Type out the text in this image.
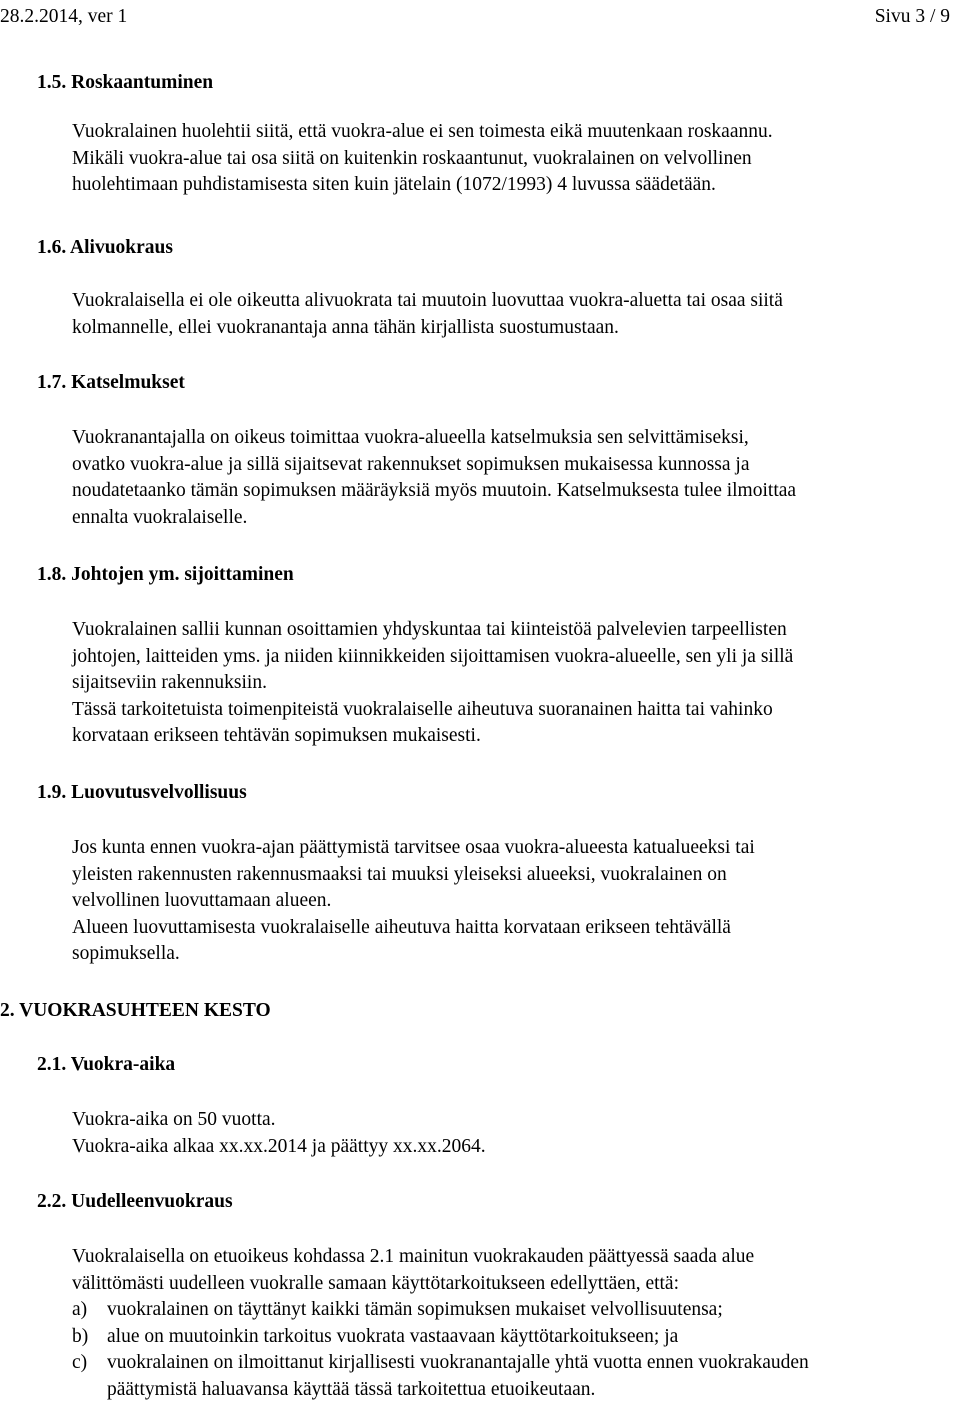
28.2.2014, ver 1	Sivu 3 / 9
1.5. Roskaantuminen
Vuokralainen huolehtii siitä, että vuokra-alue ei sen toimesta eikä muutenkaan roskaannu.
Mikäli vuokra-alue tai osa siitä on kuitenkin roskaantunut, vuokralainen on velvollinen
huolehtimaan puhdistamisesta siten kuin jätelain (1072/1993) 4 luvussa säädetään.
1.6. Alivuokraus
Vuokralaisella ei ole oikeutta alivuokrata tai muutoin luovuttaa vuokra-aluetta tai osaa siitä
kolmannelle, ellei vuokranantaja anna tähän kirjallista suostumustaan.
1.7. Katselmukset
Vuokranantajalla on oikeus toimittaa vuokra-alueella katselmuksia sen selvittämiseksi,
ovatko vuokra-alue ja sillä sijaitsevat rakennukset sopimuksen mukaisessa kunnossa ja
noudatetaanko tämän sopimuksen määräyksiä myös muutoin. Katselmuksesta tulee ilmoittaa
ennalta vuokralaiselle.
1.8. Johtojen ym. sijoittaminen
Vuokralainen sallii kunnan osoittamien yhdyskuntaa tai kiinteistöä palvelevien tarpeellisten
johtojen, laitteiden yms. ja niiden kiinnikkeiden sijoittamisen vuokra-alueelle, sen yli ja sillä
sijaitseviin rakennuksiin.
Tässä tarkoitetuista toimenpiteistä vuokralaiselle aiheutuva suoranainen haitta tai vahinko
korvataan erikseen tehtävän sopimuksen mukaisesti.
1.9. Luovutusvelvollisuus
Jos kunta ennen vuokra-ajan päättymistä tarvitsee osaa vuokra-alueesta katualueeksi tai
yleisten rakennusten rakennusmaaksi tai muuksi yleiseksi alueeksi, vuokralainen on
velvollinen luovuttamaan alueen.
Alueen luovuttamisesta vuokralaiselle aiheutuva haitta korvataan erikseen tehtävällä
sopimuksella.
2. VUOKRASUHTEEN KESTO
2.1. Vuokra-aika
Vuokra-aika on 50 vuotta.
Vuokra-aika alkaa xx.xx.2014 ja päättyy xx.xx.2064.
2.2. Uudelleenvuokraus
Vuokralaisella on etuoikeus kohdassa 2.1 mainitun vuokrakauden päättyessä saada alue
välittömästi uudelleen vuokralle samaan käyttötarkoitukseen edellyttäen, että:
a) vuokralainen on täyttänyt kaikki tämän sopimuksen mukaiset velvollisuutensa;
b) alue on muutoinkin tarkoitus vuokrata vastaavaan käyttötarkoitukseen; ja
c) vuokralainen on ilmoittanut kirjallisesti vuokranantajalle yhtä vuotta ennen vuokrakauden
päättymistä haluavansa käyttää tässä tarkoitettua etuoikeutaan.
